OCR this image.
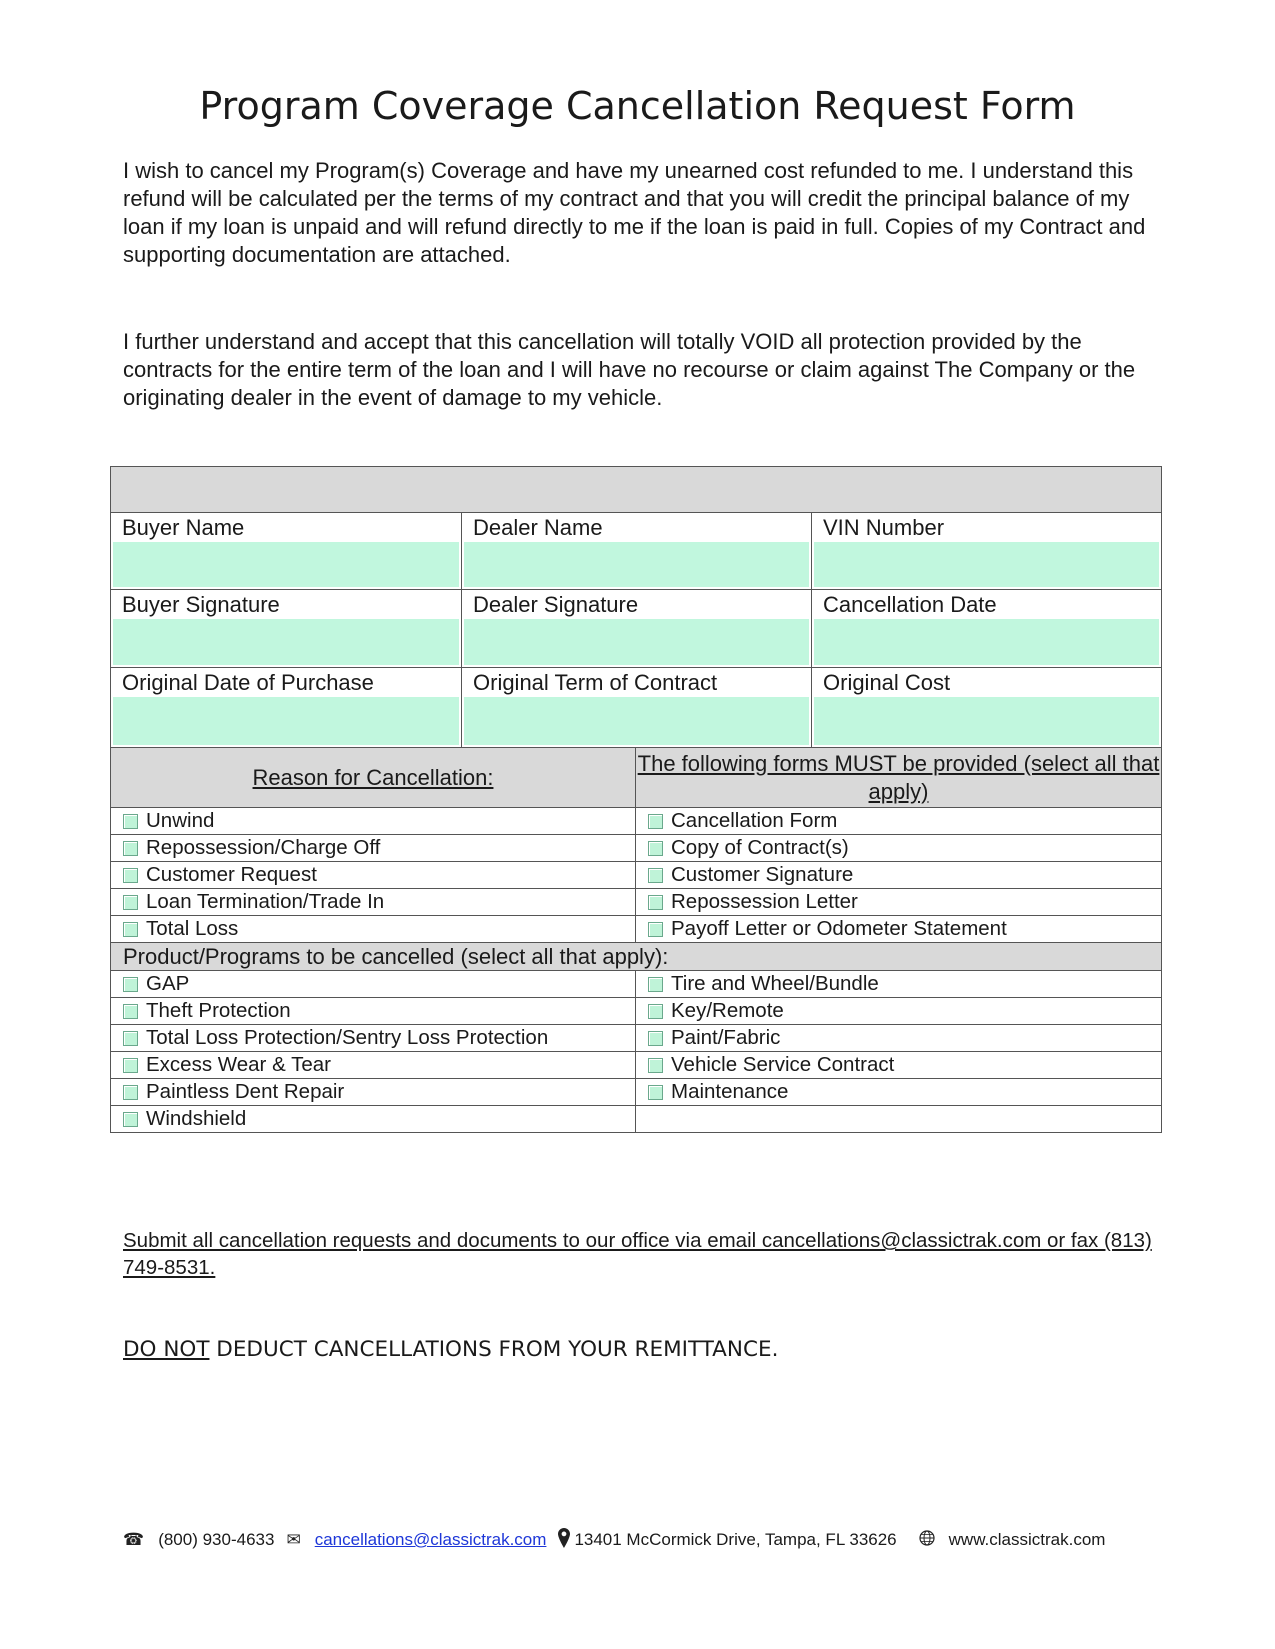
Program Coverage Cancellation Request Form

I wish to cancel my Program(s) Coverage and have my unearned cost refunded to me. I understand this refund will be calculated per the terms of my contract and that you will credit the principal balance of my loan if my loan is unpaid and will refund directly to me if the loan is paid in full. Copies of my Contract and supporting documentation are attached.

I further understand and accept that this cancellation will totally VOID all protection provided by the contracts for the entire term of the loan and I will have no recourse or claim against The Company or the originating dealer in the event of damage to my vehicle.

Buyer Name	Dealer Name	VIN Number
Buyer Signature	Dealer Signature	Cancellation Date
Original Date of Purchase	Original Term of Contract	Original Cost
Reason for Cancellation:
The following forms MUST be provided (select all that apply)
Unwind	Cancellation Form
Repossession/Charge Off	Copy of Contract(s)
Customer Request	Customer Signature
Loan Termination/Trade In	Repossession Letter
Total Loss	Payoff Letter or Odometer Statement
Product/Programs to be cancelled (select all that apply):
GAP	Tire and Wheel/Bundle
Theft Protection	Key/Remote
Total Loss Protection/Sentry Loss Protection	Paint/Fabric
Excess Wear & Tear	Vehicle Service Contract
Paintless Dent Repair	Maintenance
Windshield

Submit all cancellation requests and documents to our office via email cancellations@classictrak.com or fax (813) 749-8531.

DO NOT DEDUCT CANCELLATIONS FROM YOUR REMITTANCE.

☎ (800) 930-4633 ✉ cancellations@classictrak.com 13401 McCormick Drive, Tampa, FL 33626	www.classictrak.com
